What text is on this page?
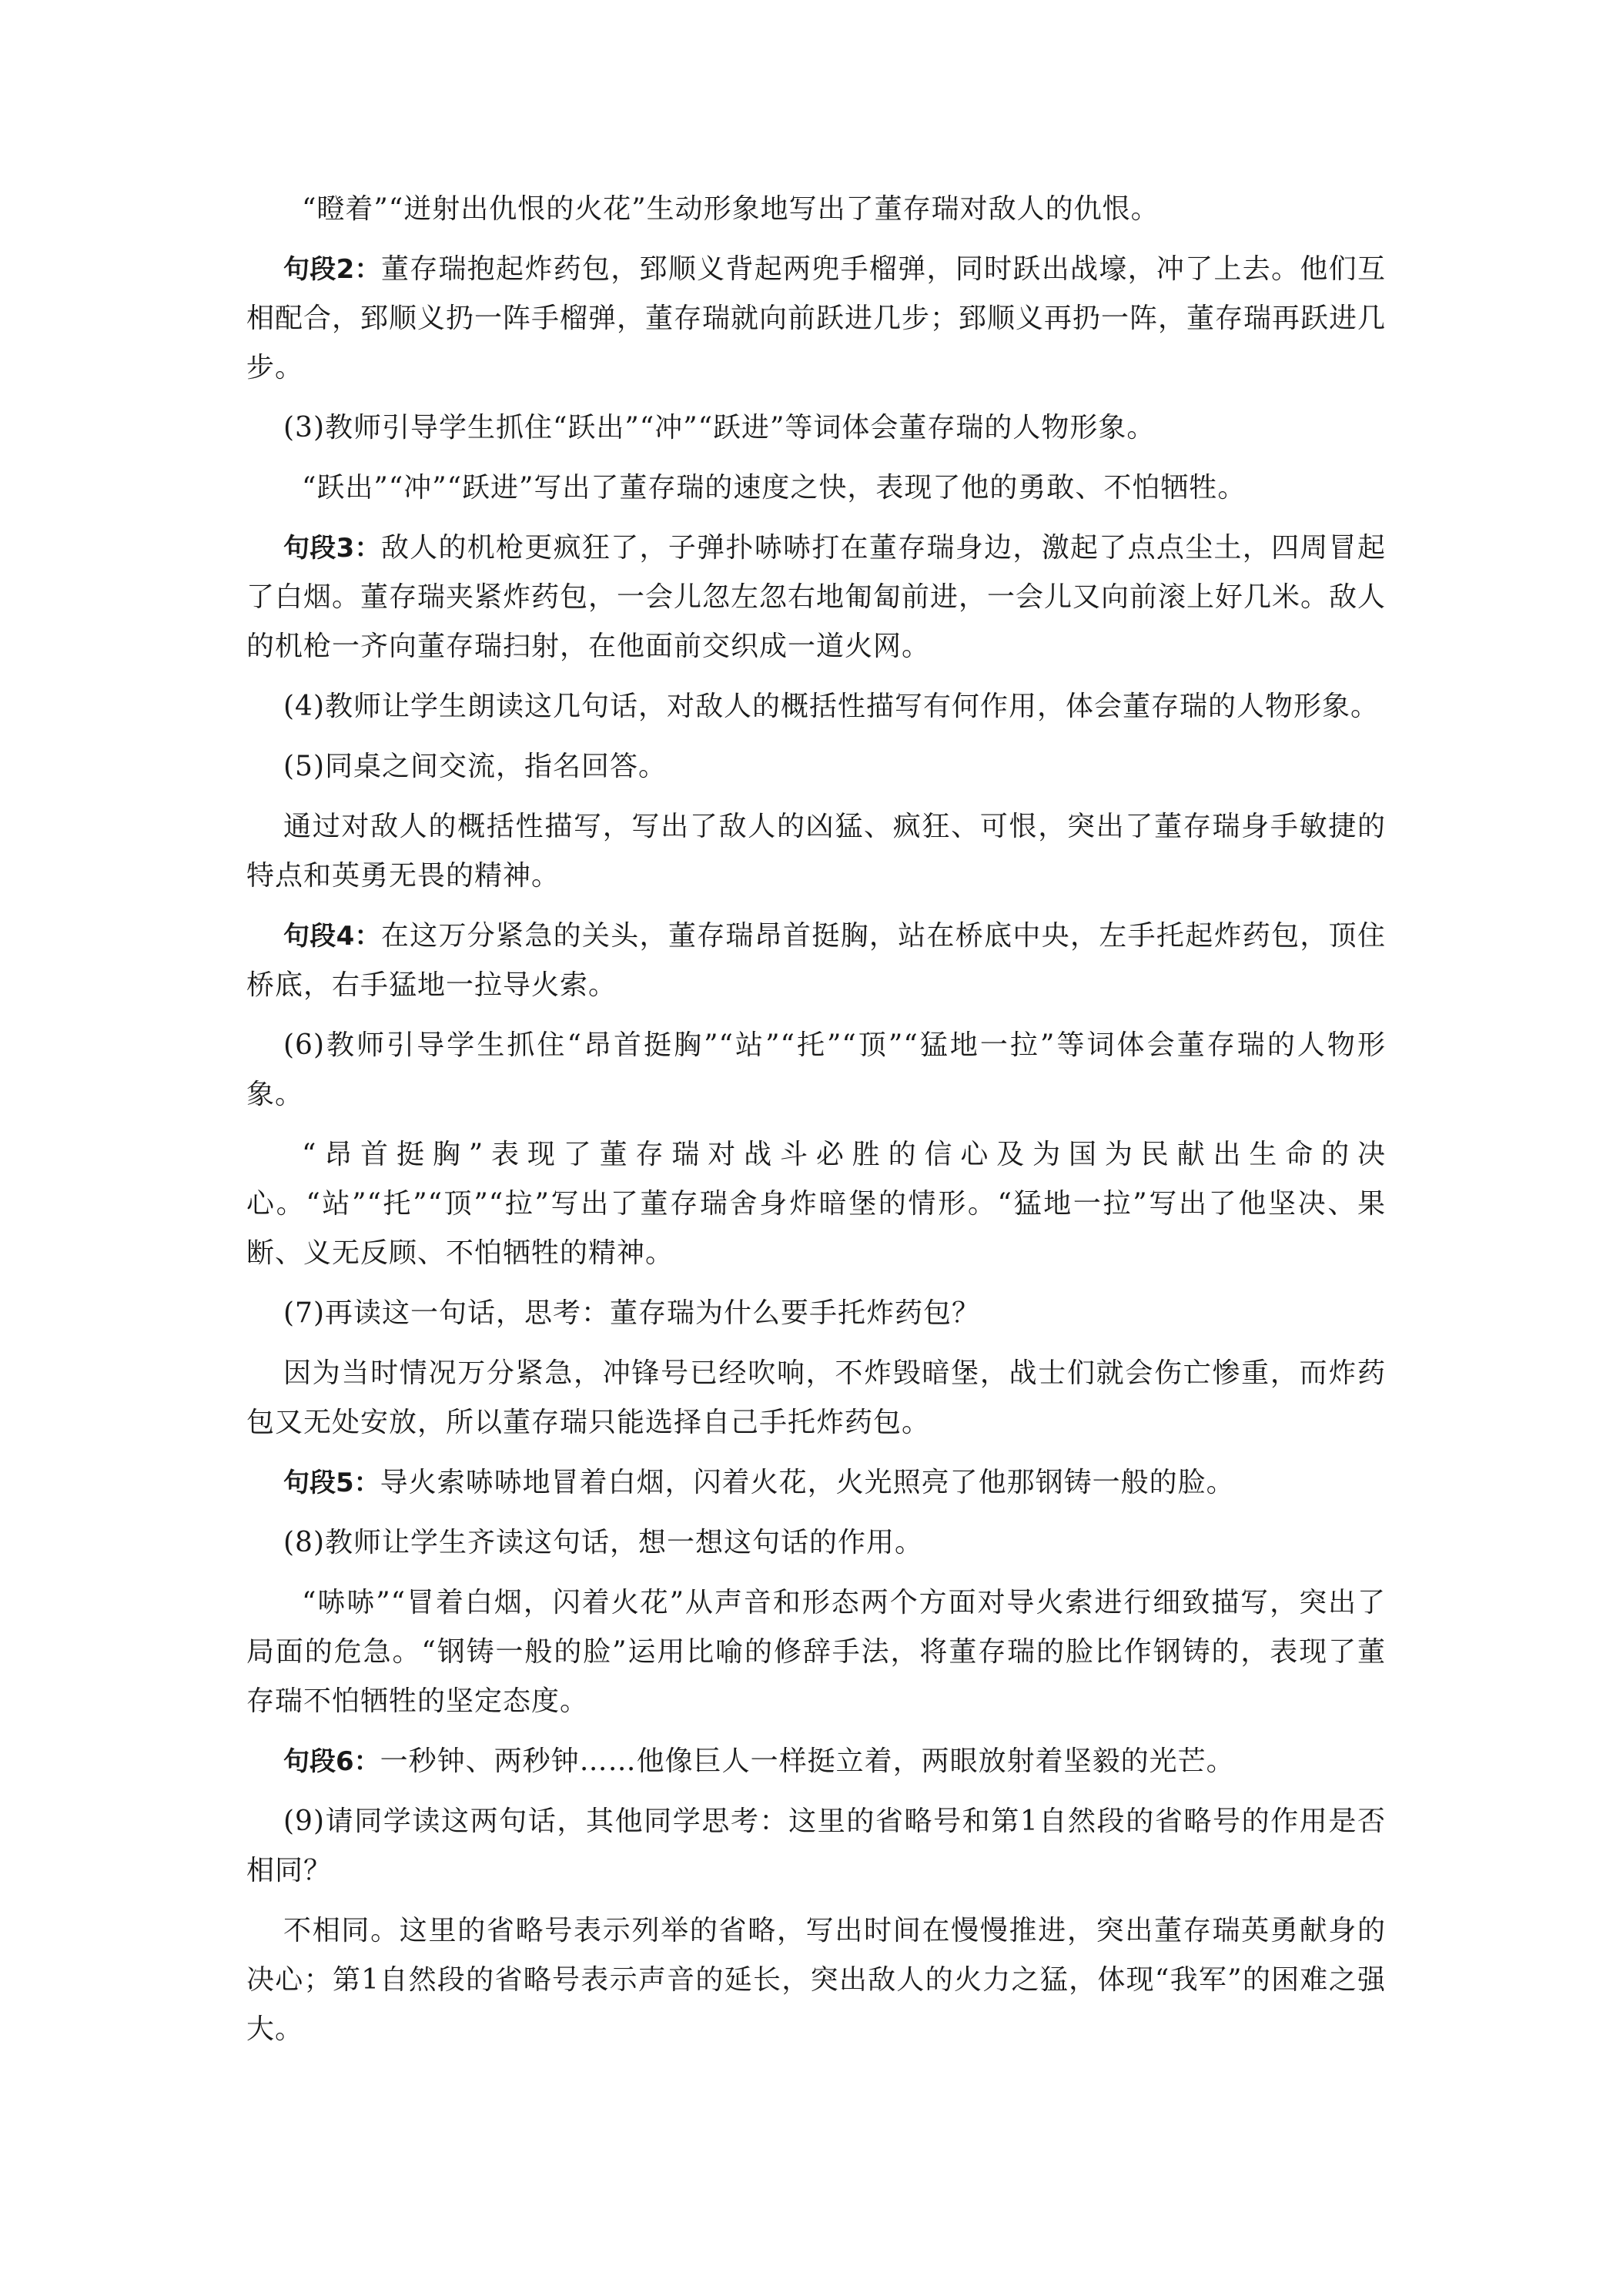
“瞪着”“迸射出仇恨的火花”生动形象地写出了董存瑞对敌人的仇恨。

句段2：董存瑞抱起炸药包，郅顺义背起两兜手榴弹，同时跃出战壕，冲了上去。他们互相配合，郅顺义扔一阵手榴弹，董存瑞就向前跃进几步；郅顺义再扔一阵，董存瑞再跃进几步。

(3)教师引导学生抓住“跃出”“冲”“跃进”等词体会董存瑞的人物形象。

“跃出”“冲”“跃进”写出了董存瑞的速度之快，表现了他的勇敢、不怕牺牲。

句段3：敌人的机枪更疯狂了，子弹扑哧哧打在董存瑞身边，激起了点点尘土，四周冒起了白烟。董存瑞夹紧炸药包，一会儿忽左忽右地匍匐前进，一会儿又向前滚上好几米。敌人的机枪一齐向董存瑞扫射，在他面前交织成一道火网。

(4)教师让学生朗读这几句话，对敌人的概括性描写有何作用，体会董存瑞的人物形象。

(5)同桌之间交流，指名回答。

通过对敌人的概括性描写，写出了敌人的凶猛、疯狂、可恨，突出了董存瑞身手敏捷的特点和英勇无畏的精神。

句段4：在这万分紧急的关头，董存瑞昂首挺胸，站在桥底中央，左手托起炸药包，顶住桥底，右手猛地一拉导火索。

(6)教师引导学生抓住“昂首挺胸”“站”“托”“顶”“猛地一拉”等词体会董存瑞的人物形象。

“昂首挺胸”表现了董存瑞对战斗必胜的信心及为国为民献出生命的决心。“站”“托”“顶”“拉”写出了董存瑞舍身炸暗堡的情形。“猛地一拉”写出了他坚决、果断、义无反顾、不怕牺牲的精神。

(7)再读这一句话，思考：董存瑞为什么要手托炸药包？

因为当时情况万分紧急，冲锋号已经吹响，不炸毁暗堡，战士们就会伤亡惨重，而炸药包又无处安放，所以董存瑞只能选择自己手托炸药包。

句段5：导火索哧哧地冒着白烟，闪着火花，火光照亮了他那钢铸一般的脸。

(8)教师让学生齐读这句话，想一想这句话的作用。

“哧哧”“冒着白烟，闪着火花”从声音和形态两个方面对导火索进行细致描写，突出了局面的危急。“钢铸一般的脸”运用比喻的修辞手法，将董存瑞的脸比作钢铸的，表现了董存瑞不怕牺牲的坚定态度。

句段6：一秒钟、两秒钟……他像巨人一样挺立着，两眼放射着坚毅的光芒。

(9)请同学读这两句话，其他同学思考：这里的省略号和第1自然段的省略号的作用是否相同？

不相同。这里的省略号表示列举的省略，写出时间在慢慢推进，突出董存瑞英勇献身的决心；第1自然段的省略号表示声音的延长，突出敌人的火力之猛，体现“我军”的困难之强大。
